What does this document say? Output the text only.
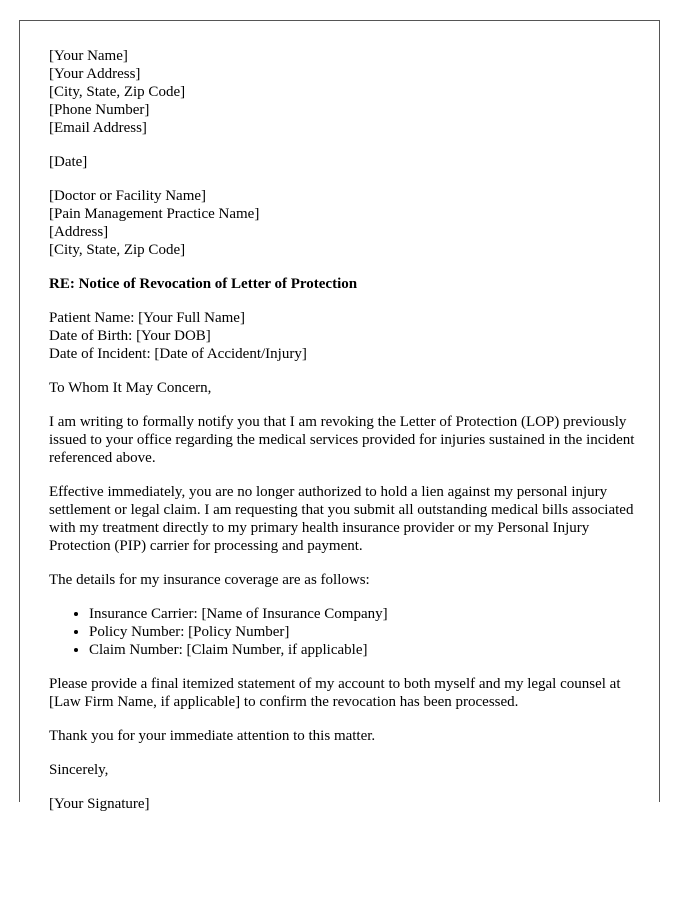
[Your Name]
[Your Address]
[City, State, Zip Code]
[Phone Number]
[Email Address]
[Date]
[Doctor or Facility Name]
[Pain Management Practice Name]
[Address]
[City, State, Zip Code]
RE: Notice of Revocation of Letter of Protection
Patient Name: [Your Full Name]
Date of Birth: [Your DOB]
Date of Incident: [Date of Accident/Injury]
To Whom It May Concern,
I am writing to formally notify you that I am revoking the Letter of Protection (LOP) previously issued to your office regarding the medical services provided for injuries sustained in the incident referenced above.
Effective immediately, you are no longer authorized to hold a lien against my personal injury settlement or legal claim. I am requesting that you submit all outstanding medical bills associated with my treatment directly to my primary health insurance provider or my Personal Injury Protection (PIP) carrier for processing and payment.
The details for my insurance coverage are as follows:
• Insurance Carrier: [Name of Insurance Company]
• Policy Number: [Policy Number]
• Claim Number: [Claim Number, if applicable]
Please provide a final itemized statement of my account to both myself and my legal counsel at [Law Firm Name, if applicable] to confirm the revocation has been processed.
Thank you for your immediate attention to this matter.
Sincerely,
[Your Signature]
